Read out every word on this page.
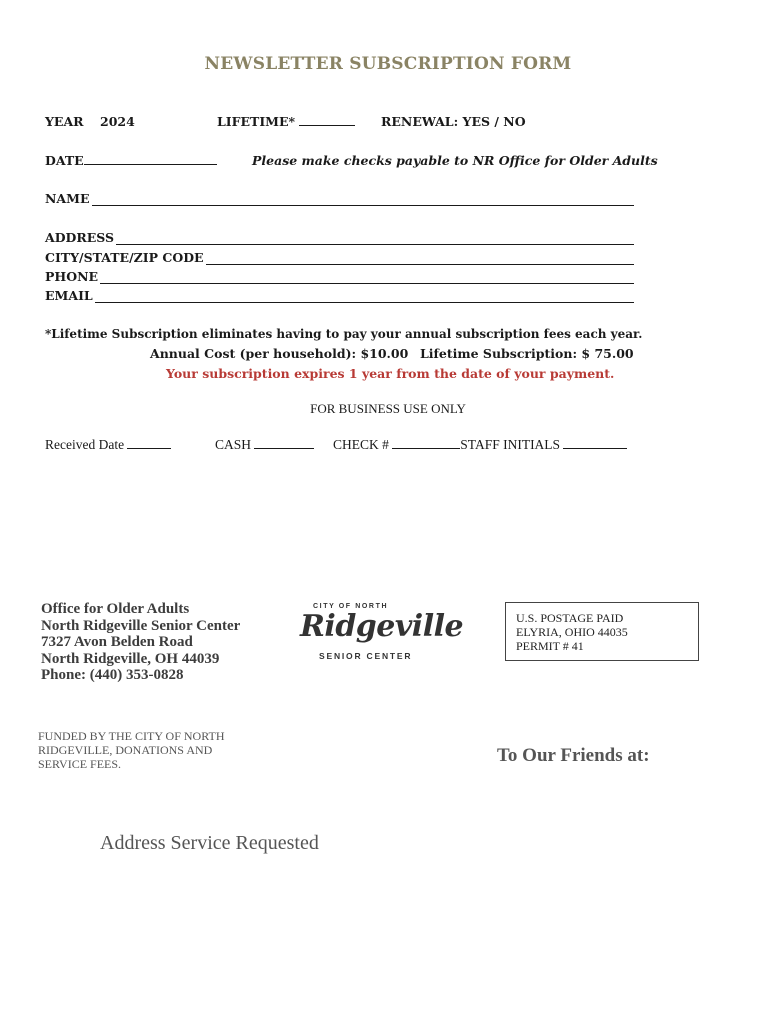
NEWSLETTER SUBSCRIPTION FORM
YEAR 2024	LIFETIME*	RENEWAL: YES / NO
DATE	Please make checks payable to NR Office for Older Adults
NAME
ADDRESS
CITY/STATE/ZIP CODE
PHONE
EMAIL
*Lifetime Subscription eliminates having to pay your annual subscription fees each year.
Annual Cost (per household): $10.00 Lifetime Subscription: $ 75.00
Your subscription expires 1 year from the date of your payment.
FOR BUSINESS USE ONLY
Received Date	CASH	CHECK #	STAFF INITIALS
Office for Older Adults
North Ridgeville Senior Center
7327 Avon Belden Road
North Ridgeville, OH 44039
Phone: (440) 353-0828
CITY OF NORTH
Ridgeville
SENIOR CENTER
U.S. POSTAGE PAID
ELYRIA, OHIO 44035
PERMIT # 41
FUNDED BY THE CITY OF NORTH RIDGEVILLE, DONATIONS AND SERVICE FEES.	To Our Friends at:
Address Service Requested
